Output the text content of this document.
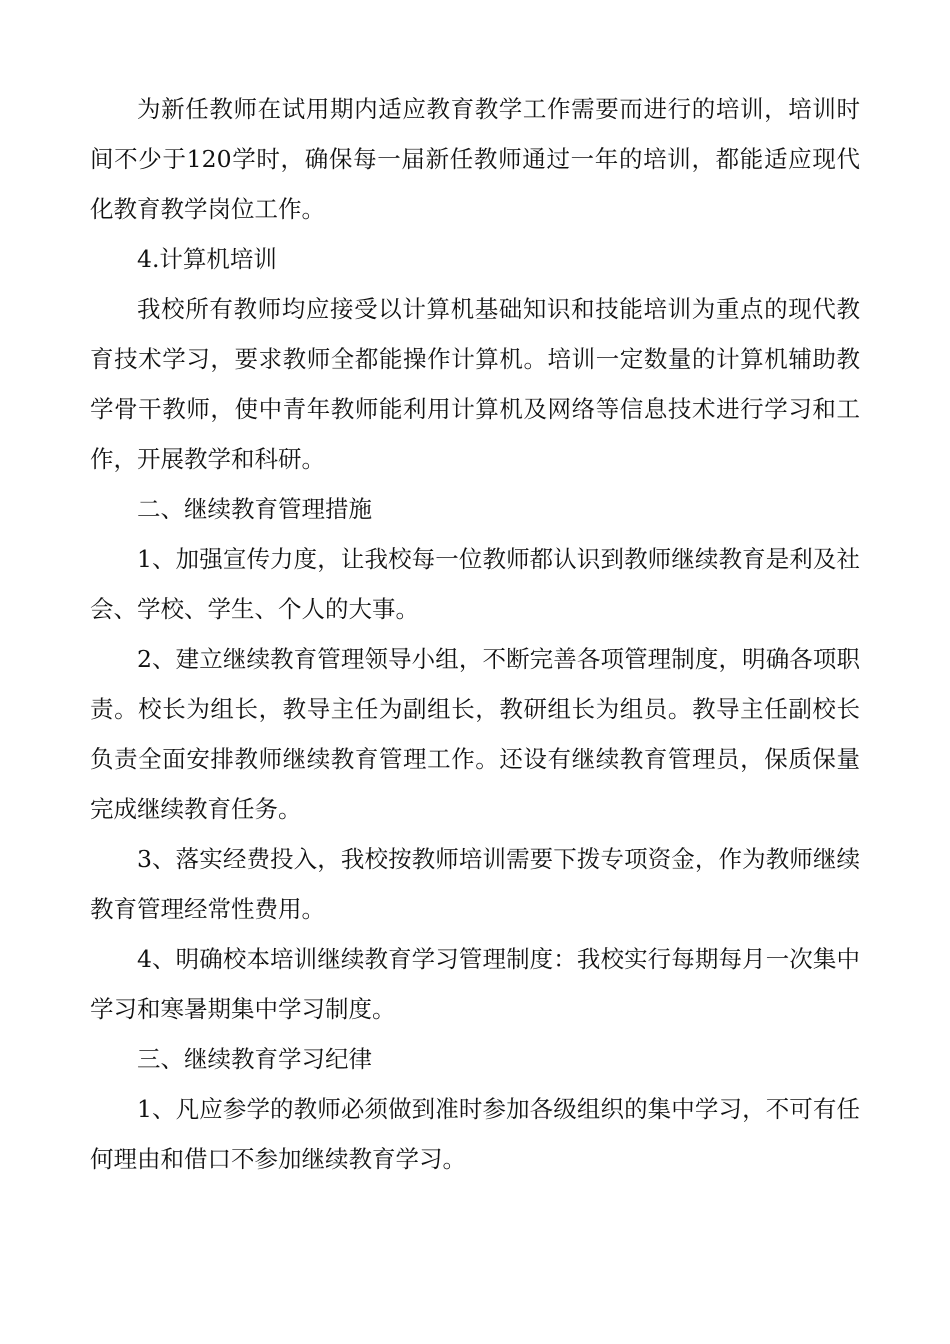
为新任教师在试用期内适应教育教学工作需要而进行的培训，培训时间不少于120学时，确保每一届新任教师通过一年的培训，都能适应现代化教育教学岗位工作。

4.计算机培训

我校所有教师均应接受以计算机基础知识和技能培训为重点的现代教育技术学习，要求教师全都能操作计算机。培训一定数量的计算机辅助教学骨干教师，使中青年教师能利用计算机及网络等信息技术进行学习和工作，开展教学和科研。

二、继续教育管理措施

1、加强宣传力度，让我校每一位教师都认识到教师继续教育是利及社会、学校、学生、个人的大事。

2、建立继续教育管理领导小组，不断完善各项管理制度，明确各项职责。校长为组长，教导主任为副组长，教研组长为组员。教导主任副校长负责全面安排教师继续教育管理工作。还设有继续教育管理员，保质保量完成继续教育任务。

3、落实经费投入，我校按教师培训需要下拨专项资金，作为教师继续教育管理经常性费用。

4、明确校本培训继续教育学习管理制度：我校实行每期每月一次集中学习和寒暑期集中学习制度。

三、继续教育学习纪律

1、凡应参学的教师必须做到准时参加各级组织的集中学习，不可有任何理由和借口不参加继续教育学习。
